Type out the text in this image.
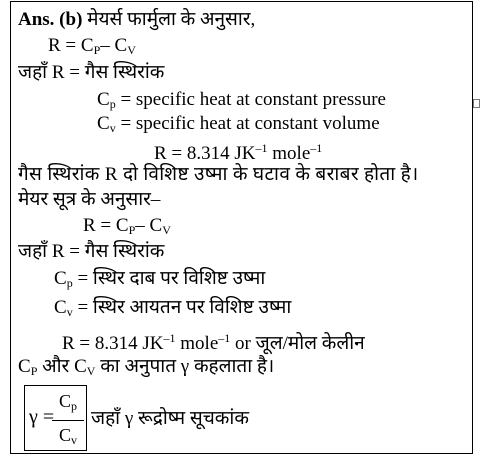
Ans. (b) मेयर्स फार्मुला के अनुसार,
$R = C_P-$ $C_V$
जहाँ R = गैस स्थिरांक
$C_p$ = specific heat at constant pressure
$C_v$ = specific heat at constant volume
R = 8.314 $JK^{-1}$ mole$^{-1}$
गैस स्थिरांक R दो विशिष्ट उष्मा के घटाव के बराबर होता है।
मेयर सूत्र के अनुसार–
$R = C_P-$ $C_V$
जहाँ R = गैस स्थिरांक
$C_p$ = स्थिर दाब पर विशिष्ट उष्मा
$C_v$ = स्थिर आयतन पर विशिष्ट उष्मा
R = 8.314 $JK^{-1}$ mole$^{-1}$ or जूल/मोल केलीन
$C_P$ और $C_V$ का अनुपात γ कहलाता है।
γ =
$C_p$
$C_v$
जहाँ γ रूद्रोष्म सूचकांक
